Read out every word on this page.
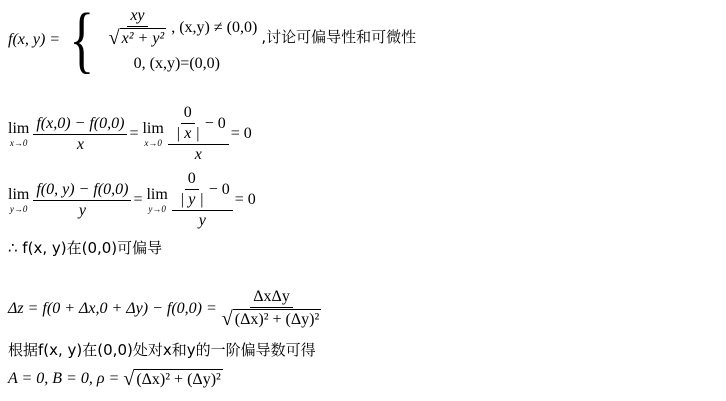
f(x, y) = { $\frac{xy}{\text{√ x² + y²}}$ , (x,y) ≠ (0,0)
0, (x,y)=(0,0)
,讨论可偏导性和可微性
lim
$x\to 0 \frac{f(x,0) - f(0,0)}{x} = \lim$
$x\to 0 \frac{\frac{0}{| x |} - 0}{x} = 0$
lim
$y\to 0 \frac{f(0, y) - f(0,0)}{y} = \lim$
$y\to 0 \frac{\frac{0}{| y |} - 0}{y} = 0$
∴ f(x, y)在(0,0)可偏导
$\Delta z = f(0 + \Delta x,0 + \Delta y) - f(0,0) = \frac{\text{ΔxΔy}}{\text{√ (Δx)² + (Δy)²}}$
根据f(x, y)在(0,0)处对x和y的一阶偏导数可得
A = 0, B = 0, ρ = √ (Δx)² + (Δy)²
